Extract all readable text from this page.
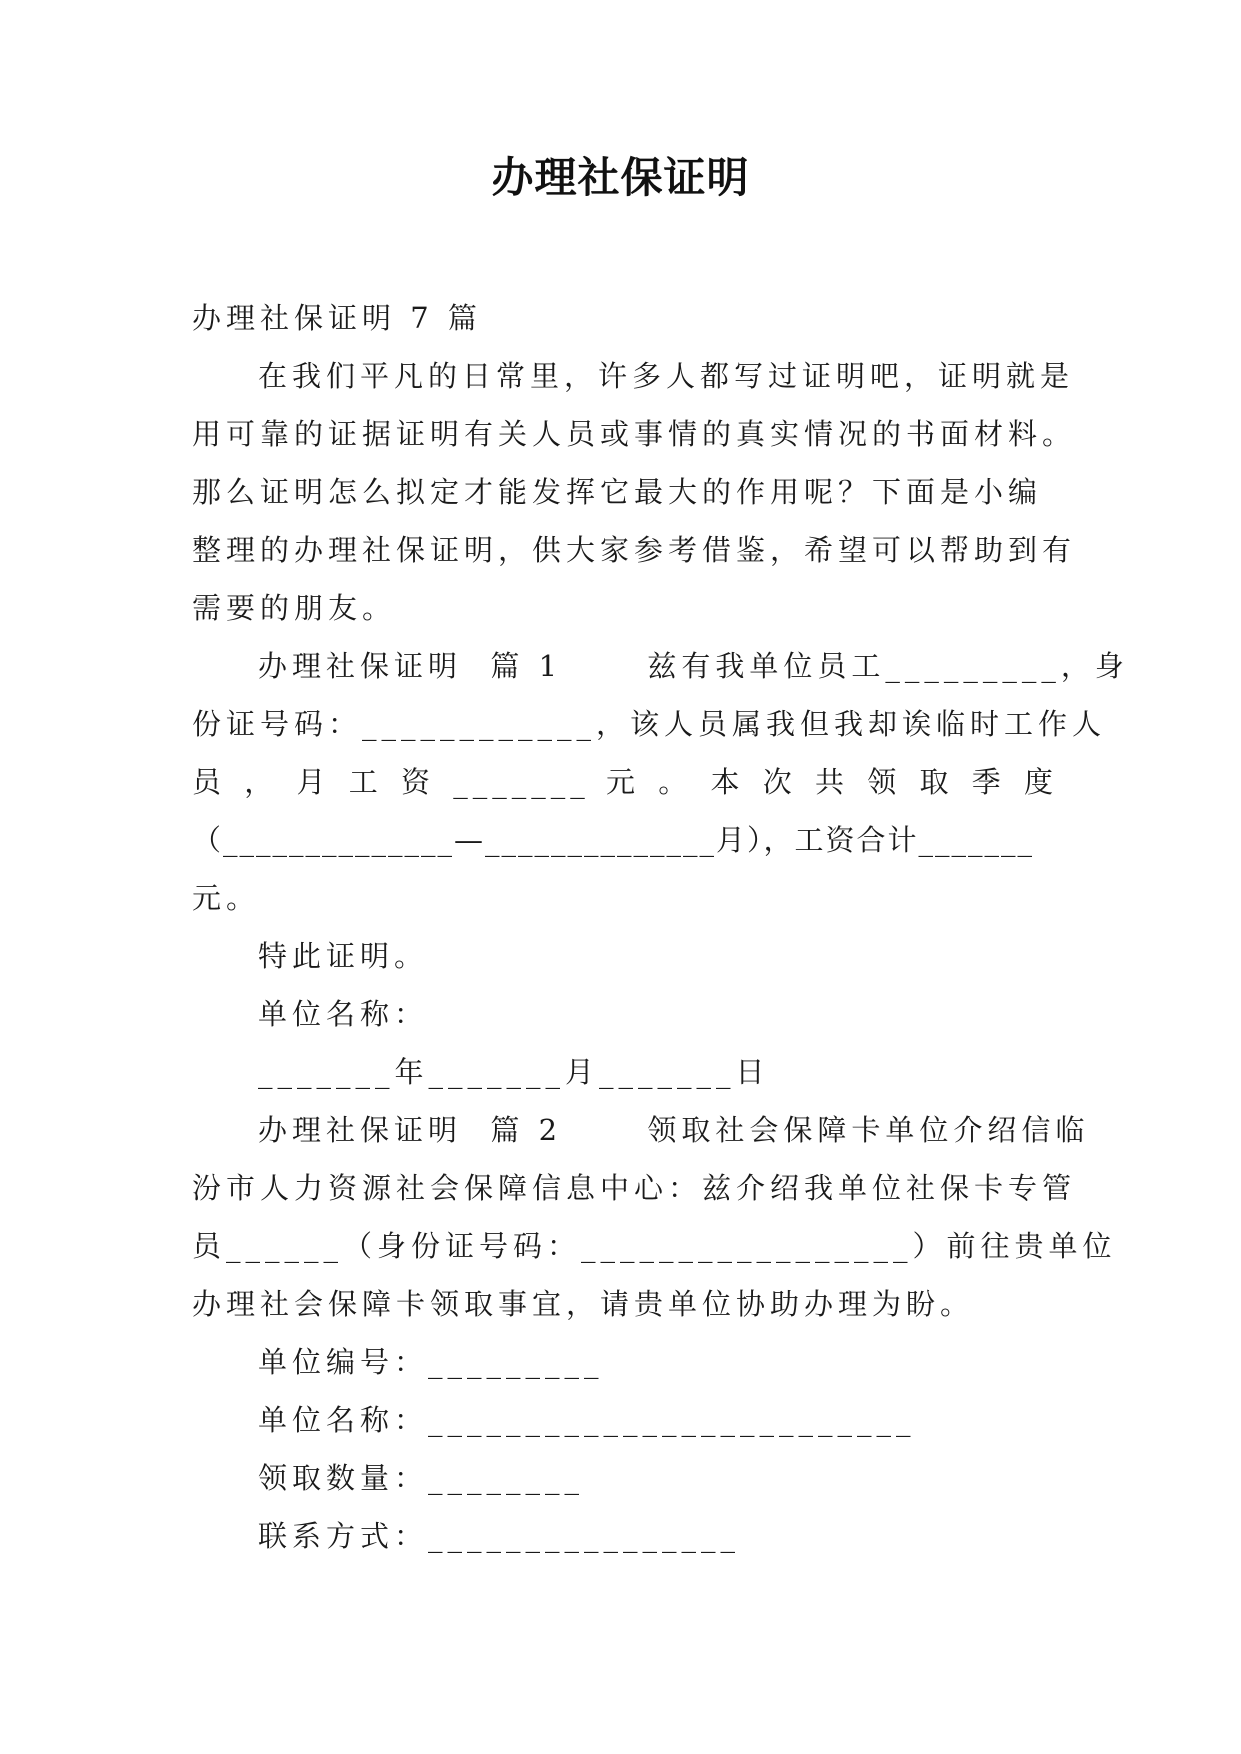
办理社保证明
办理社保证明 7 篇
在我们平凡的日常里，许多人都写过证明吧，证明就是
用可靠的证据证明有关人员或事情的真实情况的书面材料。
那么证明怎么拟定才能发挥它最大的作用呢？下面是小编
整理的办理社保证明，供大家参考借鉴，希望可以帮助到有
需要的朋友。
办理社保证明  篇 1      兹有我单位员工_________，身
份证号码：____________，该人员属我但我却诶临时工作人
员 ， 月 工 资 _______ 元 。 本 次 共 领 取 季 度
（______________—______________月），工资合计_______
元。
特此证明。
单位名称：
_______年_______月_______日
办理社保证明  篇 2      领取社会保障卡单位介绍信临
汾市人力资源社会保障信息中心：兹介绍我单位社保卡专管
员______（身份证号码：_________________）前往贵单位
办理社会保障卡领取事宜，请贵单位协助办理为盼。
单位编号：_________
单位名称：_________________________
领取数量：________
联系方式：________________
